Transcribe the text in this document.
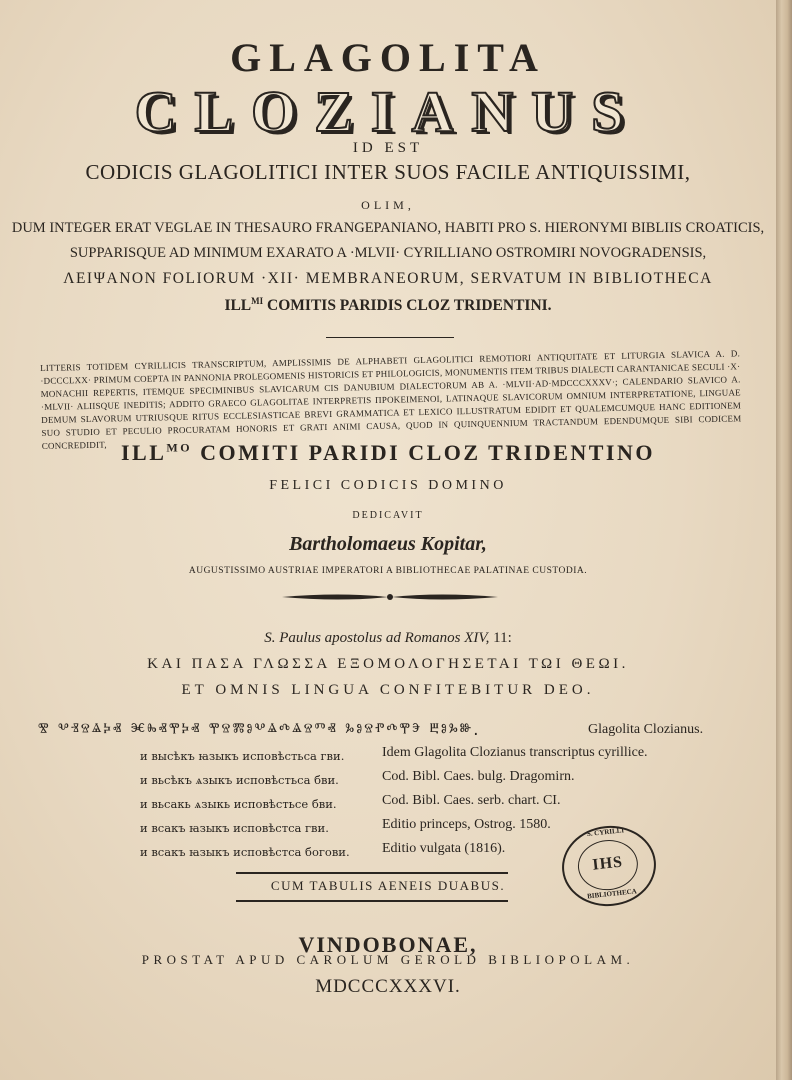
GLAGOLITA
CLOZIANUS
ID EST
CODICIS GLAGOLITICI INTER SUOS FACILE ANTIQUISSIMI,
OLIM,
DUM INTEGER ERAT VEGLAE IN THESAURO FRANGEPANIANO, HABITI PRO S. HIERONYMI BIBLIIS CROATICIS,
SUPPARISQUE AD MINIMUM EXARATO A ·MLVII· CYRILLIANO OSTROMIRI NOVOGRADENSIS,
ΛΕΙΨΑΝΟΝ FOLIORUM ·XII· MEMBRANEORUM, SERVATUM IN BIBLIOTHECA
$ILL^{MI}$ COMITIS PARIDIS CLOZ TRIDENTINI.
LITTERIS TOTIDEM CYRILLICIS TRANSCRIPTUM, AMPLISSIMIS DE ALPHABETI GLAGOLITICI REMOTIORI ANTIQUITATE ET LITURGIA SLAVICA A. D. ·DCCCLXX· PRIMUM COEPTA IN PANNONIA PROLEGOMENIS HISTORICIS ET PHILOLOGICIS, MONUMENTIS ITEM TRIBUS DIALECTI CARANTANICAE SECULI ·X· MONACHII REPERTIS, ITEMQUE SPECIMINIBUS SLAVICARUM CIS DANUBIUM DIALECTORUM AB A. ·MLVII·AD·MDCCCXXXV·; CALENDARIO SLAVICO A. ·MLVII· ALIISQUE INEDITIS; ADDITO GRAECO GLAGOLITAE INTERPRETIS ΠΡΟΚΕΙΜΕΝΟΙ, LATINAQUE SLAVICORUM OMNIUM INTERPRETATIONE, LINGUAE DEMUM SLAVORUM UTRIUSQUE RITUS ECCLESIASTICAE BREVI GRAMMATICA ET LEXICO ILLUSTRATUM EDIDIT ET QUALEMCUMQUE HANC EDITIONEM SUO STUDIO ET PECULIO PROCURATAM HONORIS ET GRATI ANIMI CAUSA, QUOD IN QUINQUENNIUM TRACTANDUM EDENDUMQUE SIBI CODICEM CONCREDIDIT, $ILL^{MO}$ COMITI PARIDI CLOZ TRIDENTINO
FELICI CODICIS DOMINO
DEDICAVIT
Bartholomaeus Kopitar,
AUGUSTISSIMO AUSTRIAE IMPERATORI A BIBLIOTHECAE PALATINAE CUSTODIA.
S. Paulus apostolus ad Romanos XIV, 11:
ΚΑΙ ΠΑΣΑ ΓΛΩΣΣΑ ΕΞΟΜΟΛΟΓΗΣΕΤΑΙ ΤΩΙ ΘΕΩΙ.
ET OMNIS LINGUA CONFITEBITUR DEO.
ⰺ ⰲⱐⱄⱑⰽⱏ ⱗⰸⱏⰹⰽⱏ ⰹⱄⰿⱁⰲⱑⰴⱑⱄⱅⱏ ⰳⱁⱄⱂⰴⰹⰵ ⰱⱁⰳⱆ.	Glagolita Clozianus.
и высѣкъ ꙗзыкъ исповѣстьса гви.	Idem Glagolita Clozianus transcriptus cyrillice.
и вьсѣкъ ѧзыкъ исповѣстьса бви.	Cod. Bibl. Caes. bulg. Dragomirn.
и вьсакь ѧзыкь исповѣстьсе бви.	Cod. Bibl. Caes. serb. chart. CI.
и всакъ ꙗзыкъ исповѣстса гви.	Editio princeps, Ostrog. 1580.
и всакъ ꙗзыкъ исповѣстса богови. Editio vulgata (1816).
CUM TABULIS AENEIS DUABUS.
VINDOBONAE,
PROSTAT APUD CAROLUM GEROLD BIBLIOPOLAM.
MDCCCXXXVI.
S. CYRILLI
IHS
BIBLIOTHECA
